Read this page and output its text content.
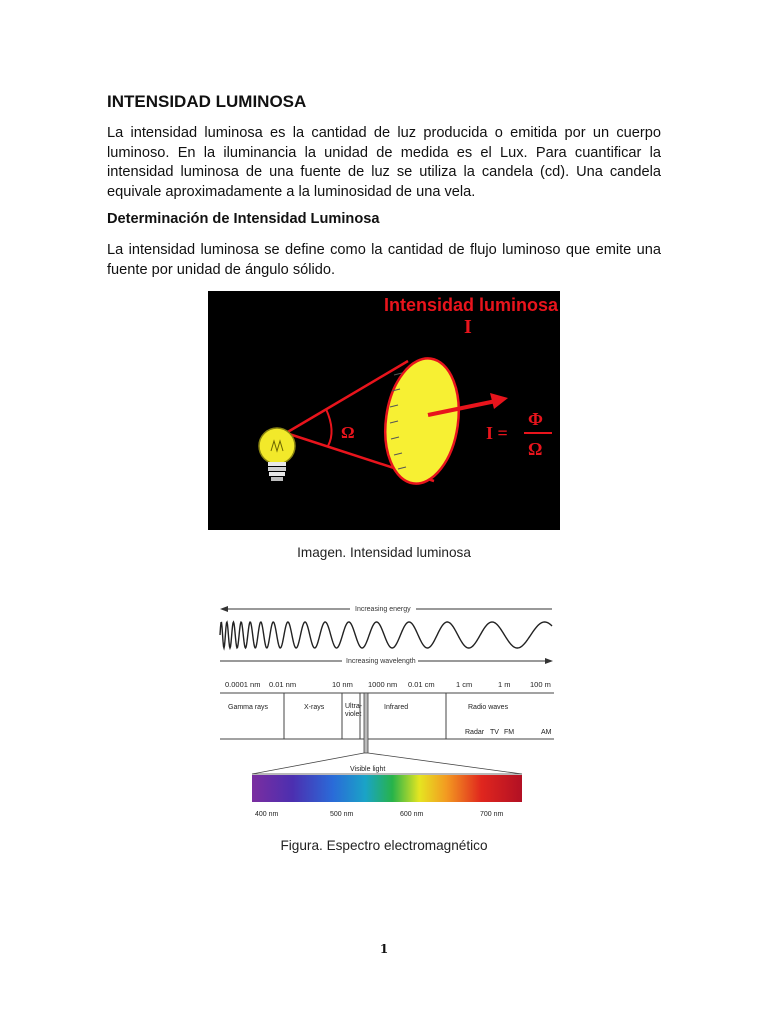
INTENSIDAD LUMINOSA

La intensidad luminosa es la cantidad de luz producida o emitida por un cuerpo luminoso. En la iluminancia la unidad de medida es el Lux. Para cuantificar la intensidad luminosa de una fuente de luz se utiliza la candela (cd). Una candela equivale aproximadamente a la luminosidad de una vela.

Determinación de Intensidad Luminosa

La intensidad luminosa se define como la cantidad de flujo luminoso que emite una fuente por unidad de ángulo sólido.

Intensidad luminosa
I
Ω	I =
Φ
Ω

Imagen. Intensidad luminosa

Increasing energy
Increasing wavelength
0.0001 nm 0.01 nm	10 nm 1000 nm 0.01 cm	1 cm	1 m	100 m
Gamma rays	X-rays	Ultra-
violet
Infrared	Radio waves
Radar TV FM	AM
Visible light
400 nm	500 nm	600 nm	700 nm

Figura. Espectro electromagnético

1
